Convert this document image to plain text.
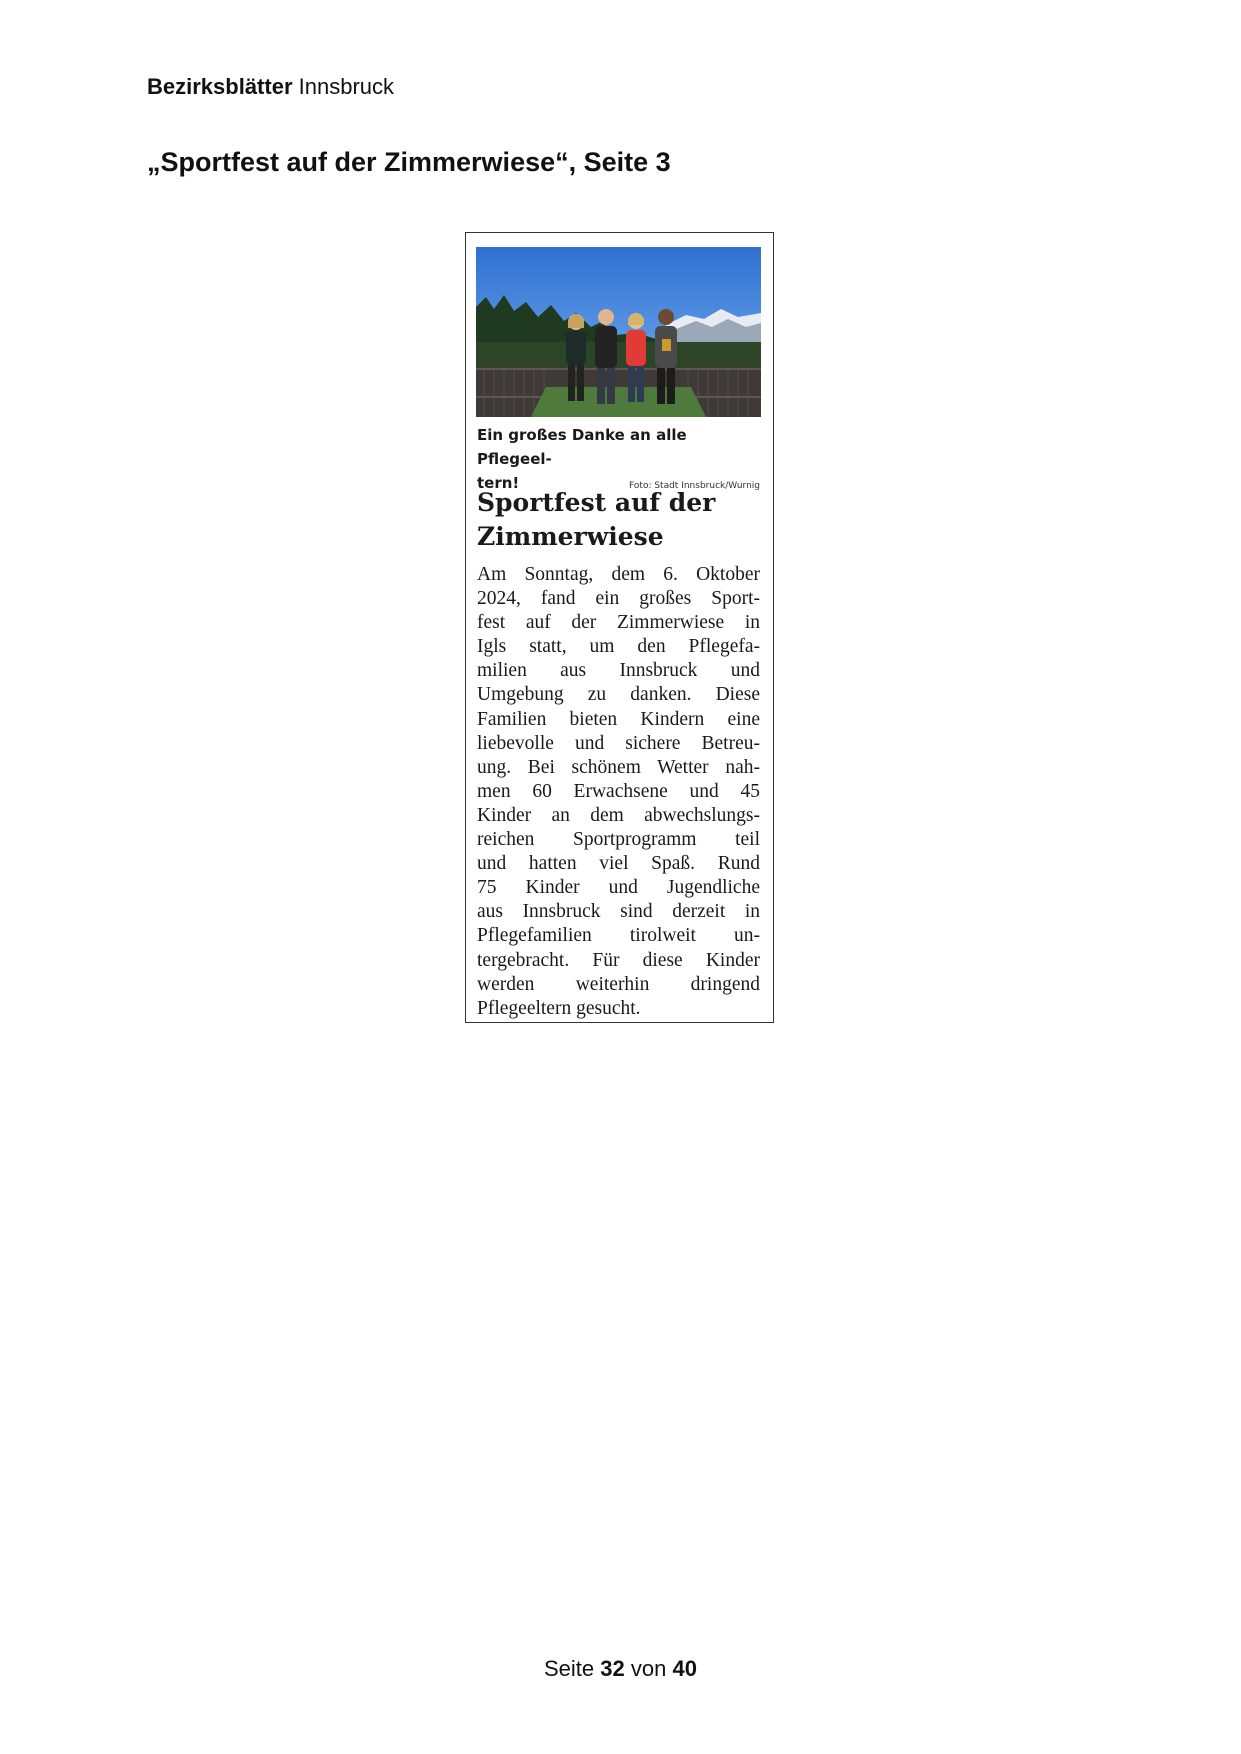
Bezirksblätter Innsbruck
„Sportfest auf der Zimmerwiese“, Seite 3
Ein großes Danke an alle Pflegeel-
tern!	Foto: Stadt Innsbruck/Wurnig
Sportfest auf der
Zimmerwiese
Am Sonntag, dem 6. Oktober
2024, fand ein großes Sport-
fest auf der Zimmerwiese in
Igls statt, um den Pflegefa-
milien aus Innsbruck und
Umgebung zu danken. Diese
Familien bieten Kindern eine
liebevolle und sichere Betreu-
ung. Bei schönem Wetter nah-
men 60 Erwachsene und 45
Kinder an dem abwechslungs-
reichen Sportprogramm teil
und hatten viel Spaß. Rund
75 Kinder und Jugendliche
aus Innsbruck sind derzeit in
Pflegefamilien tirolweit un-
tergebracht. Für diese Kinder
werden weiterhin dringend
Pflegeeltern gesucht.
Seite 32 von 40
